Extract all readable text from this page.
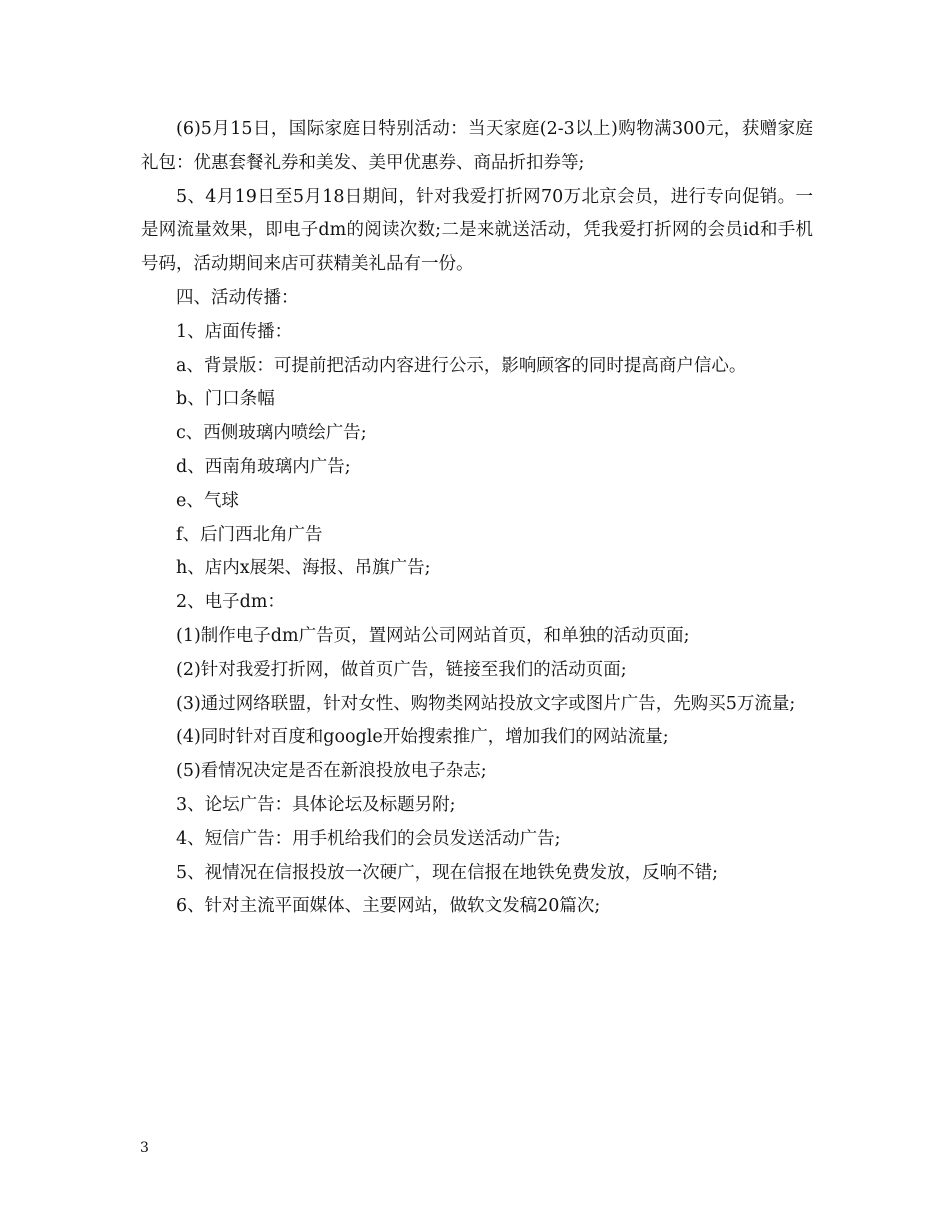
(6)5月15日，国际家庭日特别活动：当天家庭(2-3以上)购物满300元，获赠家庭礼包：优惠套餐礼券和美发、美甲优惠券、商品折扣券等;

5、4月19日至5月18日期间，针对我爱打折网70万北京会员，进行专向促销。一是网流量效果，即电子dm的阅读次数;二是来就送活动，凭我爱打折网的会员id和手机号码，活动期间来店可获精美礼品有一份。

四、活动传播：

1、店面传播：

a、背景版：可提前把活动内容进行公示，影响顾客的同时提高商户信心。

b、门口条幅

c、西侧玻璃内喷绘广告;

d、西南角玻璃内广告;

e、气球

f、后门西北角广告

h、店内x展架、海报、吊旗广告;

2、电子dm：

(1)制作电子dm广告页，置网站公司网站首页，和单独的活动页面;

(2)针对我爱打折网，做首页广告，链接至我们的活动页面;

(3)通过网络联盟，针对女性、购物类网站投放文字或图片广告，先购买5万流量;

(4)同时针对百度和google开始搜索推广，增加我们的网站流量;

(5)看情况决定是否在新浪投放电子杂志;

3、论坛广告：具体论坛及标题另附;

4、短信广告：用手机给我们的会员发送活动广告;

5、视情况在信报投放一次硬广，现在信报在地铁免费发放，反响不错;

6、针对主流平面媒体、主要网站，做软文发稿20篇次;

3
